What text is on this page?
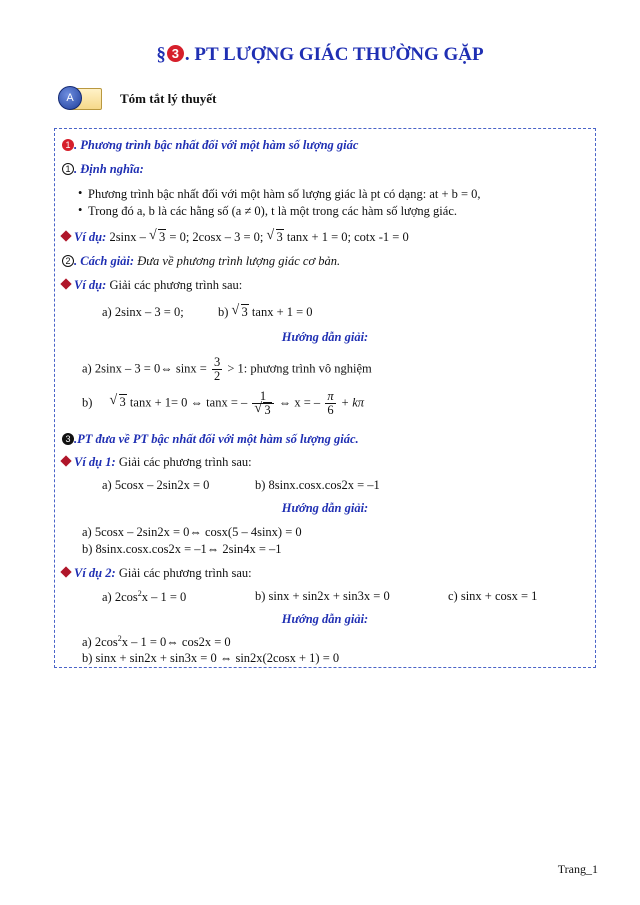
§ 3 . PT LƯỢNG GIÁC THƯỜNG GẶP
A	Tóm tắt lý thuyết
1 . Phương trình bậc nhất đối với một hàm số lượng giác
1 . Định nghĩa:
• Phương trình bậc nhất đối với một hàm số lượng giác là pt có dạng: at + b = 0,
• Trong đó a, b là các hằng số (a ≠ 0), t là một trong các hàm số lượng giác.
Ví dụ: 2sinx – √ 3 = 0; 2cosx – 3 = 0; √ 3 tanx + 1 = 0; cotx -1 = 0
2 . Cách giải: Đưa về phương trình lượng giác cơ bản.
Ví dụ: Giải các phương trình sau:
a) 2sinx – 3 = 0;	b) √ 3 tanx + 1 = 0
Hướng dẫn giải:
a) 2sinx – 3 = 0⇔ $\sin x = \frac{3}{2} > 1$: phương trình vô nghiệm
b) √ 3 tanx + 1= 0 ⇔ tanx = – 1
√ 3 ⇔ x = – $\frac{\pi}{6} + k\pi$
3 .PT đưa về PT bậc nhất đối với một hàm số lượng giác.
Ví dụ 1: Giải các phương trình sau:
a) 5cosx – 2sin2x = 0	b) 8sinx.cosx.cos2x = –1
Hướng dẫn giải:
a) 5cosx – 2sin2x = 0⇔ cosx(5 – 4sinx) = 0
b) 8sinx.cosx.cos2x = –1⇔ 2sin4x = –1
Ví dụ 2: Giải các phương trình sau:
a) $2\cos^2x - 1 = 0$	b) sinx + sin2x + sin3x = 0	c) sinx + cosx = 1
Hướng dẫn giải:
a) $2\cos^2x - 1$ = 0⇔ cos2x = 0
b) sinx + sin2x + sin3x = 0 ⇔ sin2x(2cosx + 1) = 0
Trang_1
